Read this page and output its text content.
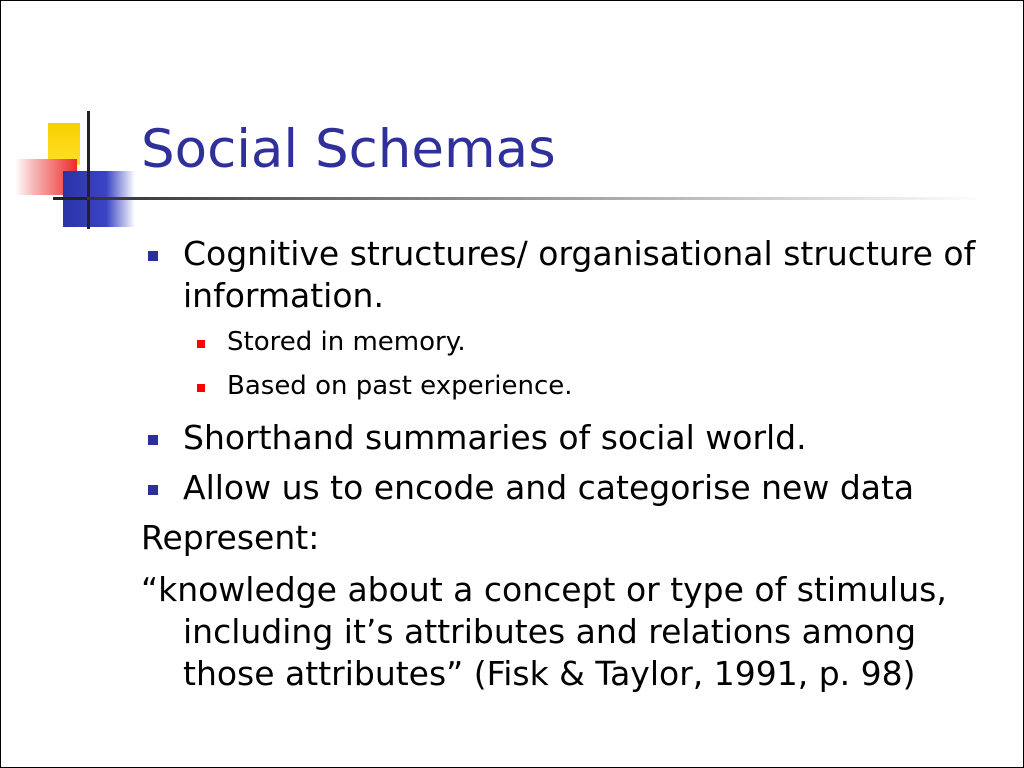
Social Schemas
Cognitive structures/ organisational structure of information.
Stored in memory.
Based on past experience.
Shorthand summaries of social world.
Allow us to encode and categorise new data
Represent:
“knowledge about a concept or type of stimulus, including it’s attributes and relations among those attributes” (Fisk & Taylor, 1991, p. 98)
